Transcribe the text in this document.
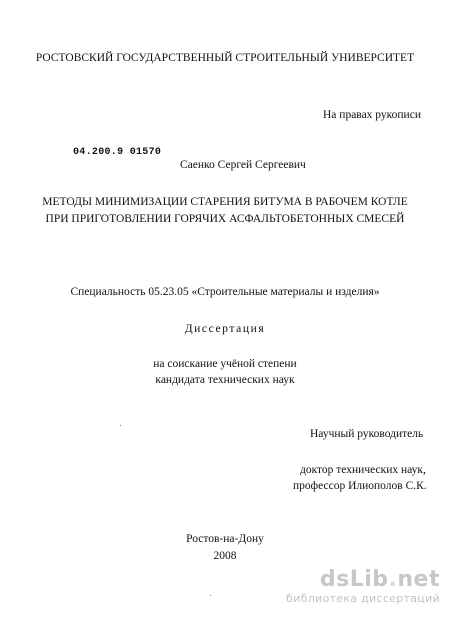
РОСТОВСКИЙ ГОСУДАРСТВЕННЫЙ СТРОИТЕЛЬНЫЙ УНИВЕРСИТЕТ
На правах рукописи
04.200.9 01570
Саенко Сергей Сергеевич
МЕТОДЫ МИНИМИЗАЦИИ СТАРЕНИЯ БИТУМА В РАБОЧЕМ КОТЛЕ
ПРИ ПРИГОТОВЛЕНИИ ГОРЯЧИХ АСФАЛЬТОБЕТОННЫХ СМЕСЕЙ
Специальность 05.23.05 «Строительные материалы и изделия»
Диссертация
на соискание учёной степени
кандидата технических наук
Научный руководитель
доктор технических наук,
профессор Илиополов С.К.
Ростов-на-Дону
2008
dsLib.net
библиотека диссертаций
